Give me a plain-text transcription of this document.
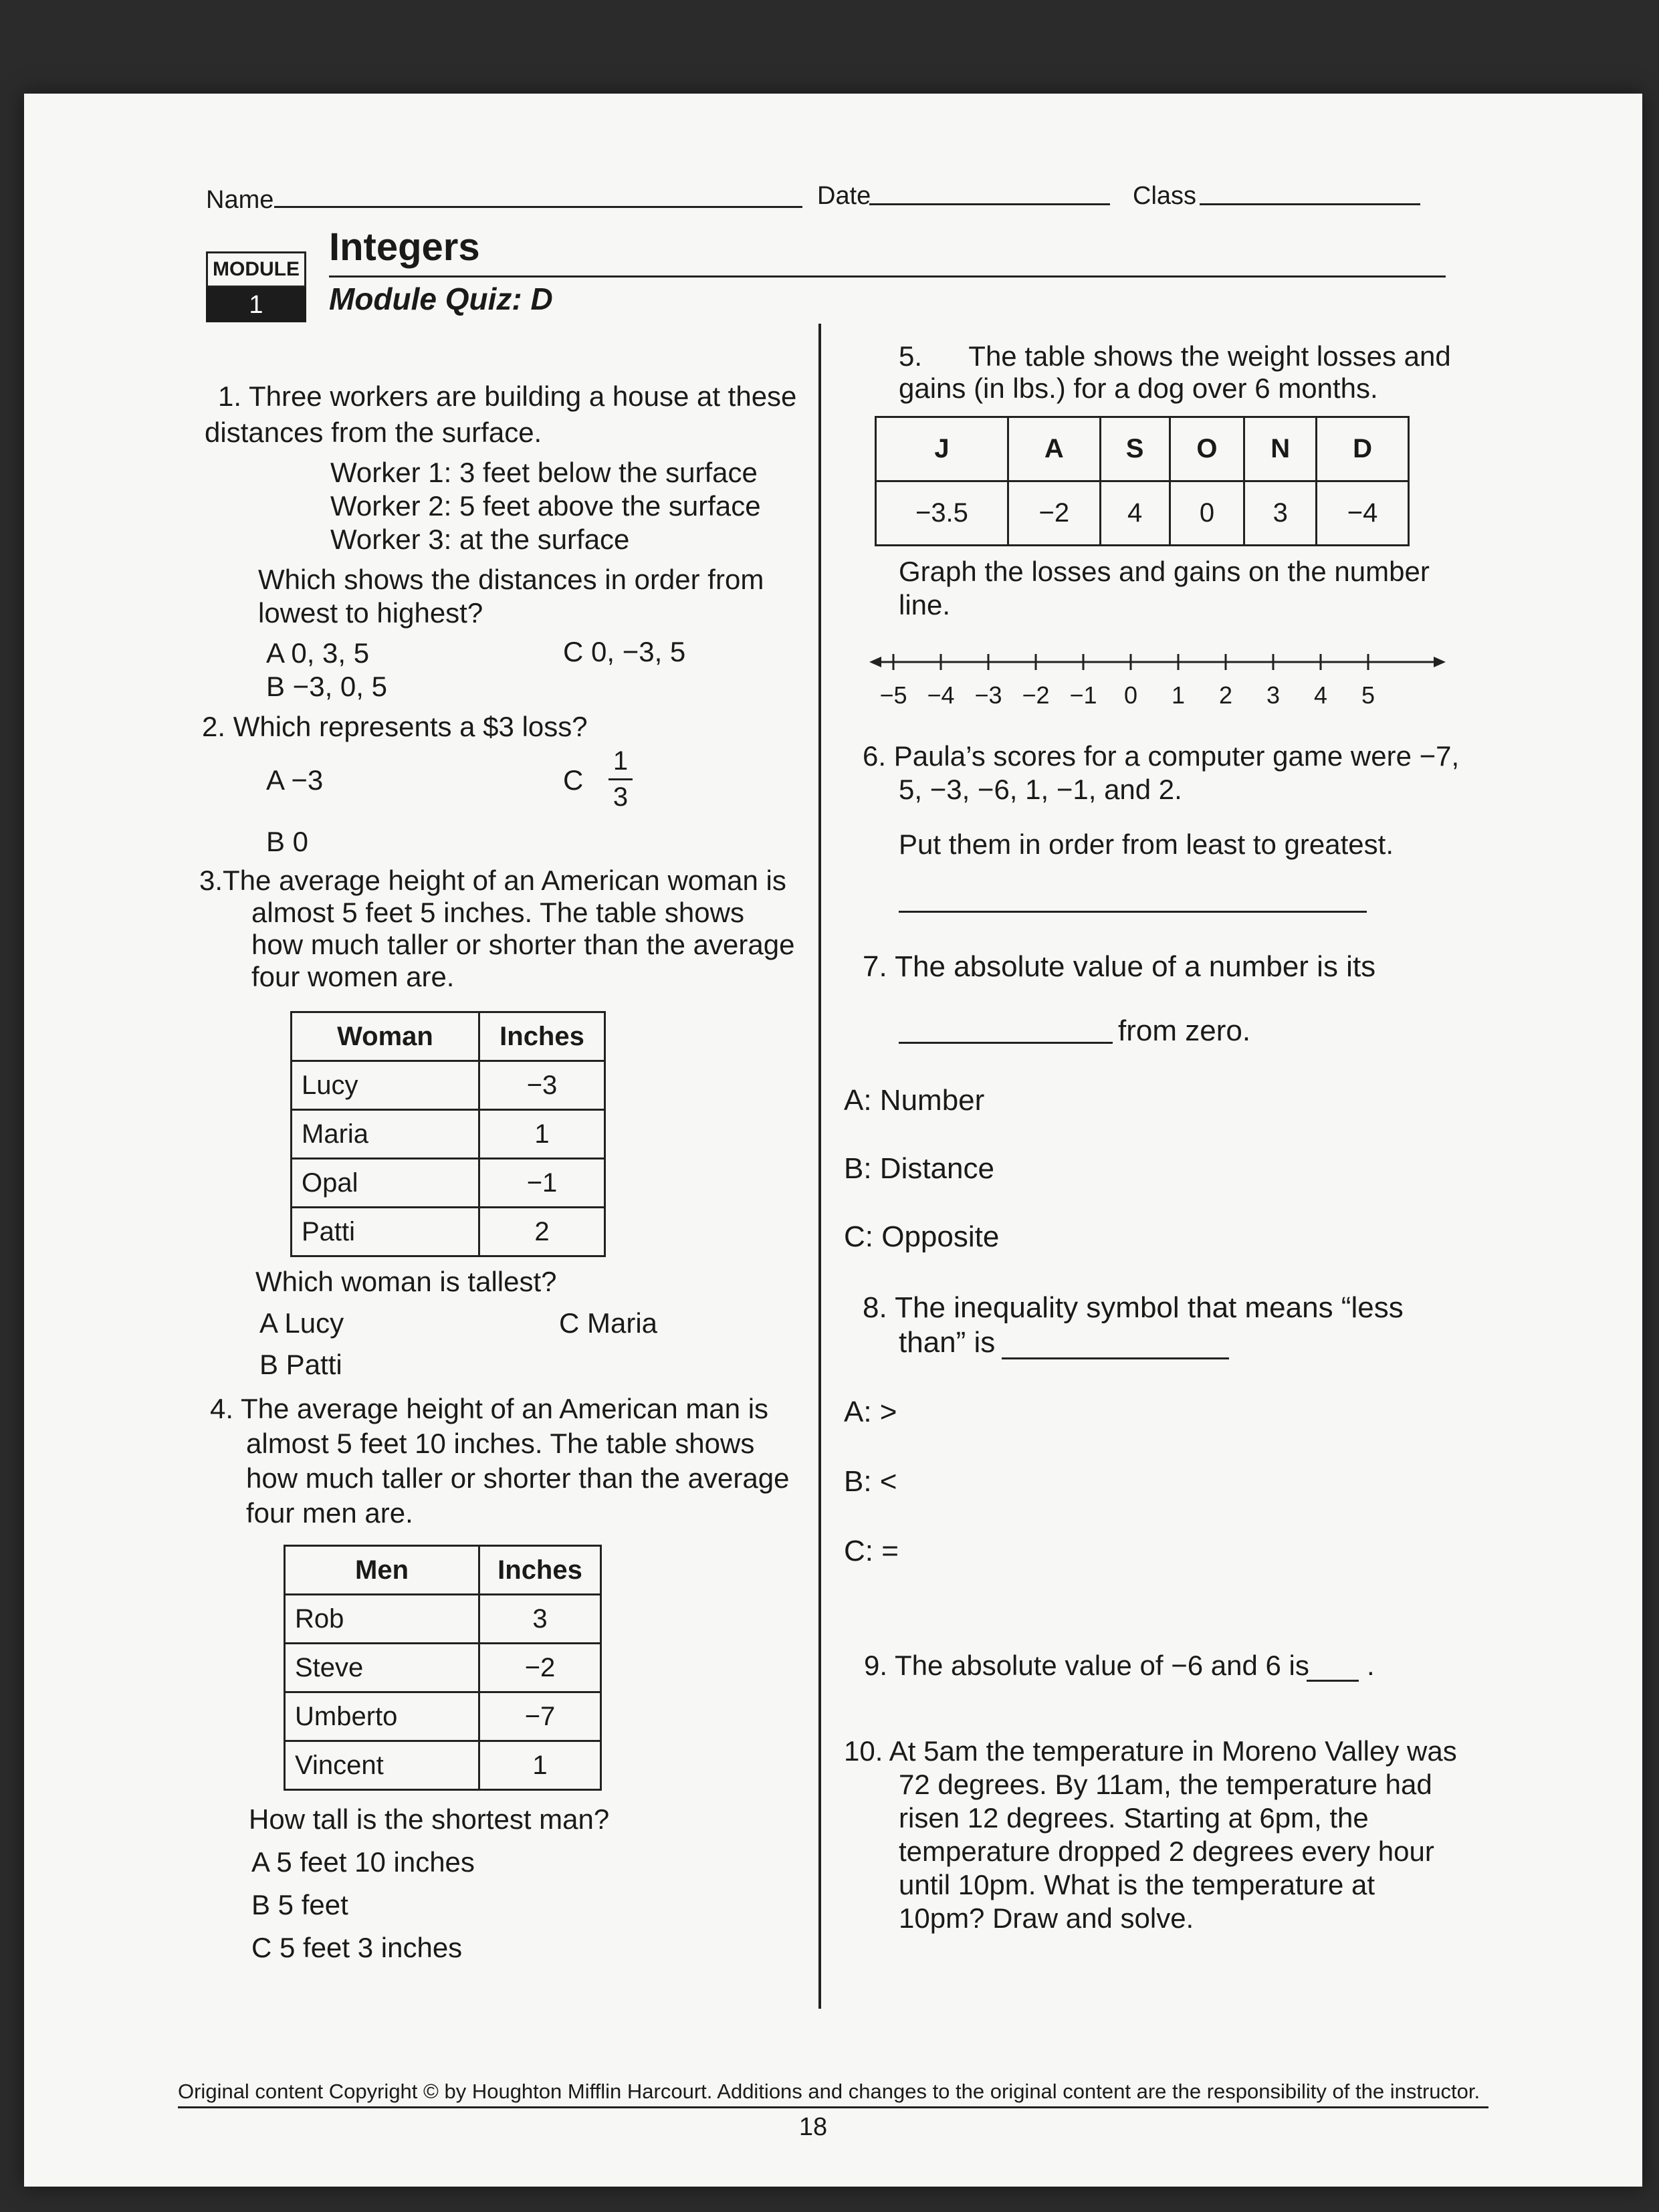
Name	Date	Class
MODULE
1
Integers
Module Quiz: D
1. Three workers are building a house at these
distances from the surface.
Worker 1: 3 feet below the surface
Worker 2: 5 feet above the surface
Worker 3: at the surface
Which shows the distances in order from
lowest to highest?
A 0, 3, 5
B −3, 0, 5
C 0, −3, 5
2. Which represents a $3 loss?
A −3	C
1
3
B 0
3.The average height of an American woman is
almost 5 feet 5 inches. The table shows
how much taller or shorter than the average
four women are.
Woman	Inches
Lucy	−3
Maria	1
Opal	−1
Patti	2
Which woman is tallest?
A Lucy
B Patti
C Maria
4. The average height of an American man is
almost 5 feet 10 inches. The table shows
how much taller or shorter than the average
four men are.
Men	Inches
Rob	3
Steve	−2
Umberto	−7
Vincent	1
How tall is the shortest man?
A 5 feet 10 inches
B 5 feet
C 5 feet 3 inches
5.      The table shows the weight losses and
gains (in lbs.) for a dog over 6 months.
J	A	S	O	N	D
−3.5	−2	4	0	3	−4
Graph the losses and gains on the number
line.
−5 −4 −3 −2 −1 0 1 2 3 4 5
6. Paula’s scores for a computer game were −7,
5, −3, −6, 1, −1, and 2.
Put them in order from least to greatest.
7. The absolute value of a number is its
from zero.
A: Number
B: Distance
C: Opposite
8. The inequality symbol that means “less
than” is
A: >
B: <
C: =
9. The absolute value of −6 and 6 is .
10. At 5am the temperature in Moreno Valley was
72 degrees. By 11am, the temperature had
risen 12 degrees. Starting at 6pm, the
temperature dropped 2 degrees every hour
until 10pm. What is the temperature at
10pm? Draw and solve.
Original content Copyright © by Houghton Mifflin Harcourt. Additions and changes to the original content are the responsibility of the instructor.
18
